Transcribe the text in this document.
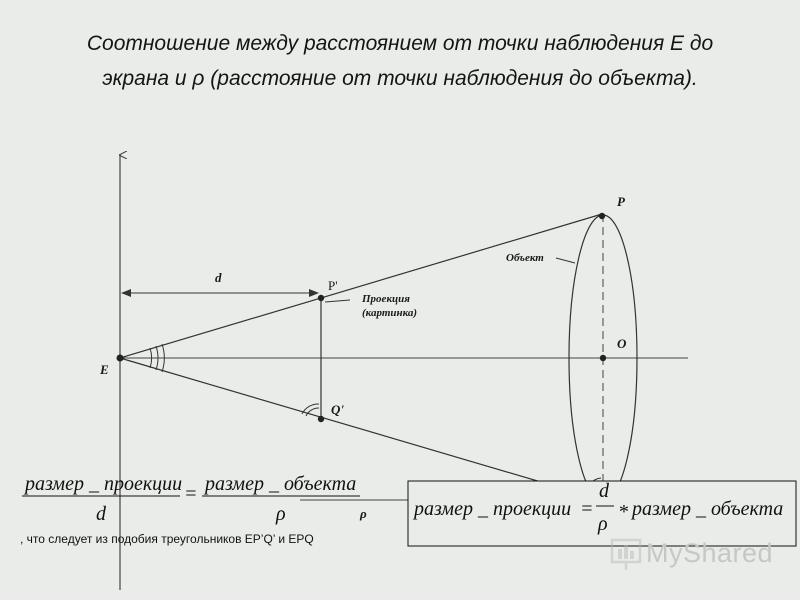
Соотношение между расстоянием от точки наблюдения E до
экрана и ρ (расстояние от точки наблюдения до объекта).
d
P
P'
E
O
Q'
Объект
Проекция
(картинка)
ρ
размер _ проекции
d
= размер _ объекта
ρ	размер _ проекции =
d
ρ
* размер _ объекта
, что следует из подобия треугольников EP’Q’ и EPQ	MyShared
